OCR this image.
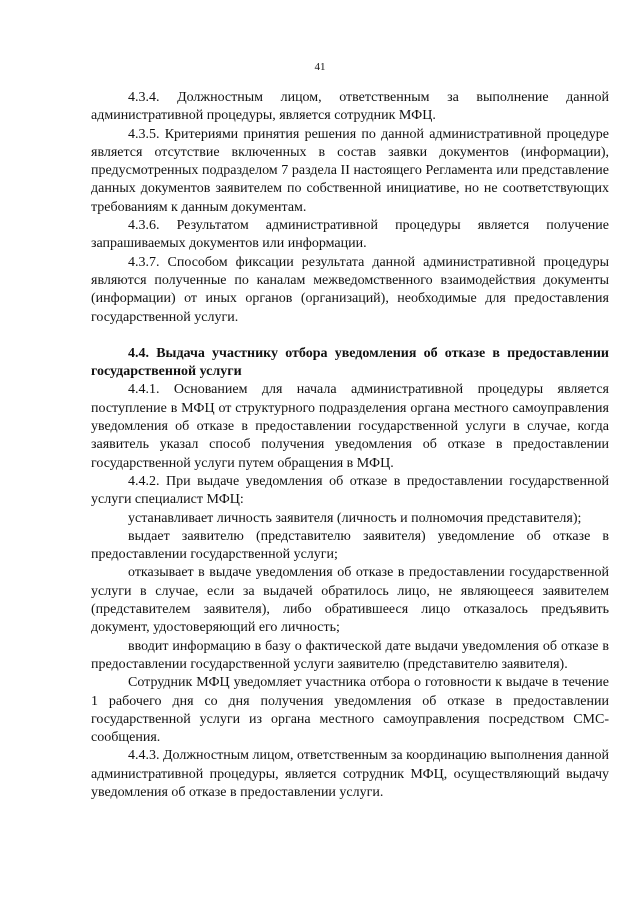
41

4.3.4. Должностным лицом, ответственным за выполнение данной административной процедуры, является сотрудник МФЦ.

4.3.5. Критериями принятия решения по данной административной процедуре является отсутствие включенных в состав заявки документов (информации), предусмотренных подразделом 7 раздела II настоящего Регламента или представление данных документов заявителем по собственной инициативе, но не соответствующих требованиям к данным документам.

4.3.6. Результатом административной процедуры является получение запрашиваемых документов или информации.

4.3.7. Способом фиксации результата данной административной процедуры являются полученные по каналам межведомственного взаимодействия документы (информации) от иных органов (организаций), необходимые для предоставления государственной услуги.

4.4. Выдача участнику отбора уведомления об отказе в предоставлении государственной услуги

4.4.1. Основанием для начала административной процедуры является поступление в МФЦ от структурного подразделения органа местного самоуправления уведомления об отказе в предоставлении государственной услуги в случае, когда заявитель указал способ получения уведомления об отказе в предоставлении государственной услуги путем обращения в МФЦ.

4.4.2. При выдаче уведомления об отказе в предоставлении государственной услуги специалист МФЦ:

устанавливает личность заявителя (личность и полномочия представителя);

выдает заявителю (представителю заявителя) уведомление об отказе в предоставлении государственной услуги;

отказывает в выдаче уведомления об отказе в предоставлении государственной услуги в случае, если за выдачей обратилось лицо, не являющееся заявителем (представителем заявителя), либо обратившееся лицо отказалось предъявить документ, удостоверяющий его личность;

вводит информацию в базу о фактической дате выдачи уведомления об отказе в предоставлении государственной услуги заявителю (представителю заявителя).

Сотрудник МФЦ уведомляет участника отбора о готовности к выдаче в течение 1 рабочего дня со дня получения уведомления об отказе в предоставлении государственной услуги из органа местного самоуправления посредством СМС-сообщения.

4.4.3. Должностным лицом, ответственным за координацию выполнения данной административной процедуры, является сотрудник МФЦ, осуществляющий выдачу уведомления об отказе в предоставлении услуги.
